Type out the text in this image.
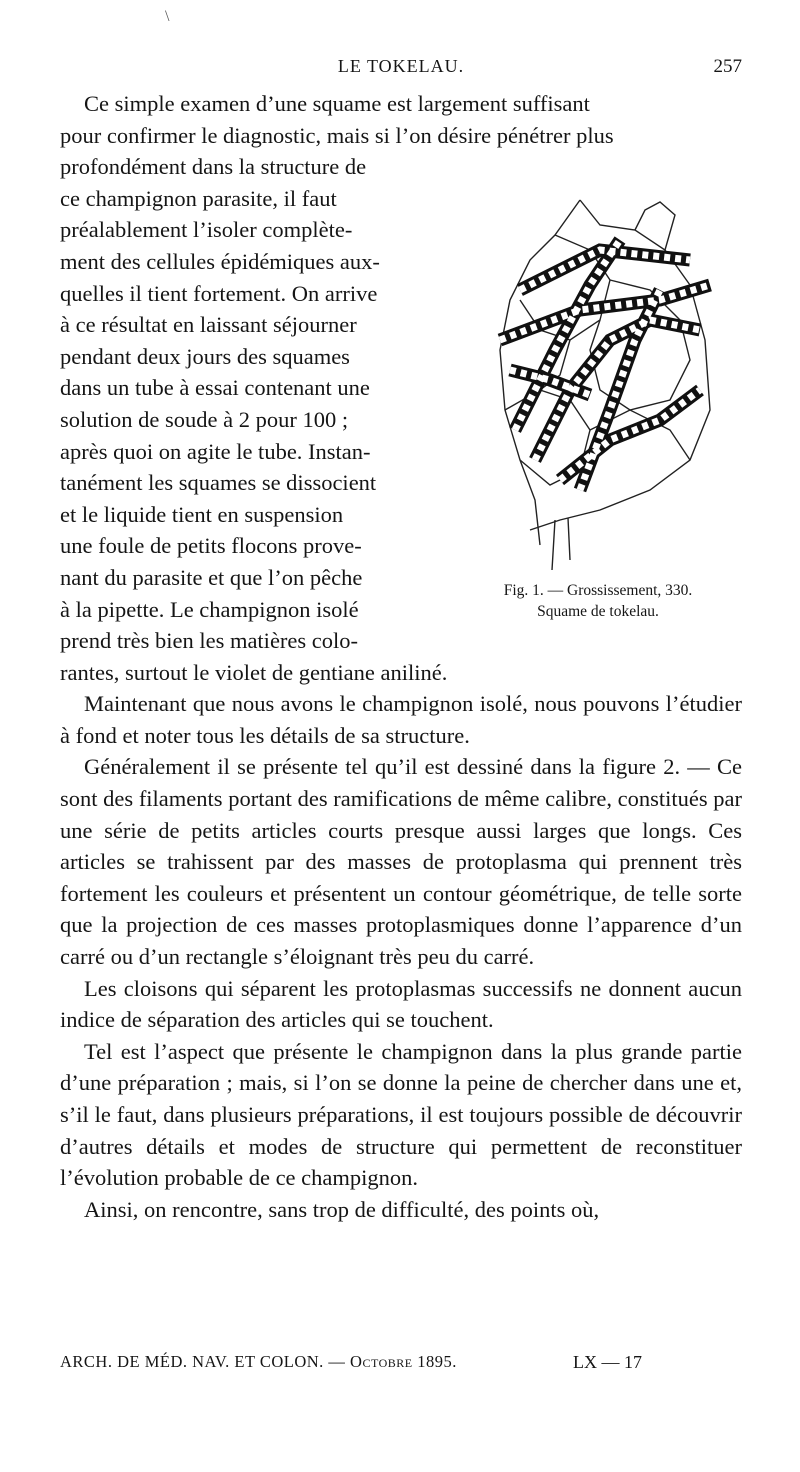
\
LE TOKELAU.	257

Ce simple examen d’une squame est largement suffisant

pour confirmer le diagnostic, mais si l’on désire pénétrer plus

profondément dans la structure de

ce champignon parasite, il faut

préalablement l’isoler complète-

ment des cellules épidémiques aux-

quelles il tient fortement. On arrive

à ce résultat en laissant séjourner

pendant deux jours des squames

dans un tube à essai contenant une

solution de soude à 2 pour 100 ;

après quoi on agite le tube. Instan-

tanément les squames se dissocient

et le liquide tient en suspension

une foule de petits flocons prove-

nant du parasite et que l’on pêche

à la pipette. Le champignon isolé

prend très bien les matières colo-

rantes, surtout le violet de gentiane aniliné.

Maintenant que nous avons le champignon isolé, nous pouvons l’étudier à fond et noter tous les détails de sa structure.

Généralement il se présente tel qu’il est dessiné dans la figure 2. — Ce sont des filaments portant des ramifications de même calibre, constitués par une série de petits articles courts presque aussi larges que longs. Ces articles se trahissent par des masses de protoplasma qui prennent très fortement les couleurs et présentent un contour géométrique, de telle sorte que la projection de ces masses protoplasmiques donne l’apparence d’un carré ou d’un rectangle s’éloignant très peu du carré.

Les cloisons qui séparent les protoplasmas successifs ne donnent aucun indice de séparation des articles qui se touchent.

Tel est l’aspect que présente le champignon dans la plus grande partie d’une préparation ; mais, si l’on se donne la peine de chercher dans une et, s’il le faut, dans plusieurs préparations, il est toujours possible de découvrir d’autres détails et modes de structure qui permettent de reconstituer l’évolution probable de ce champignon.

Ainsi, on rencontre, sans trop de difficulté, des points où,

Fig. 1. — Grossissement, 330.
Squame de tokelau.
ARCH. DE MÉD. NAV. ET COLON. — Octobre 1895.	LX — 17
